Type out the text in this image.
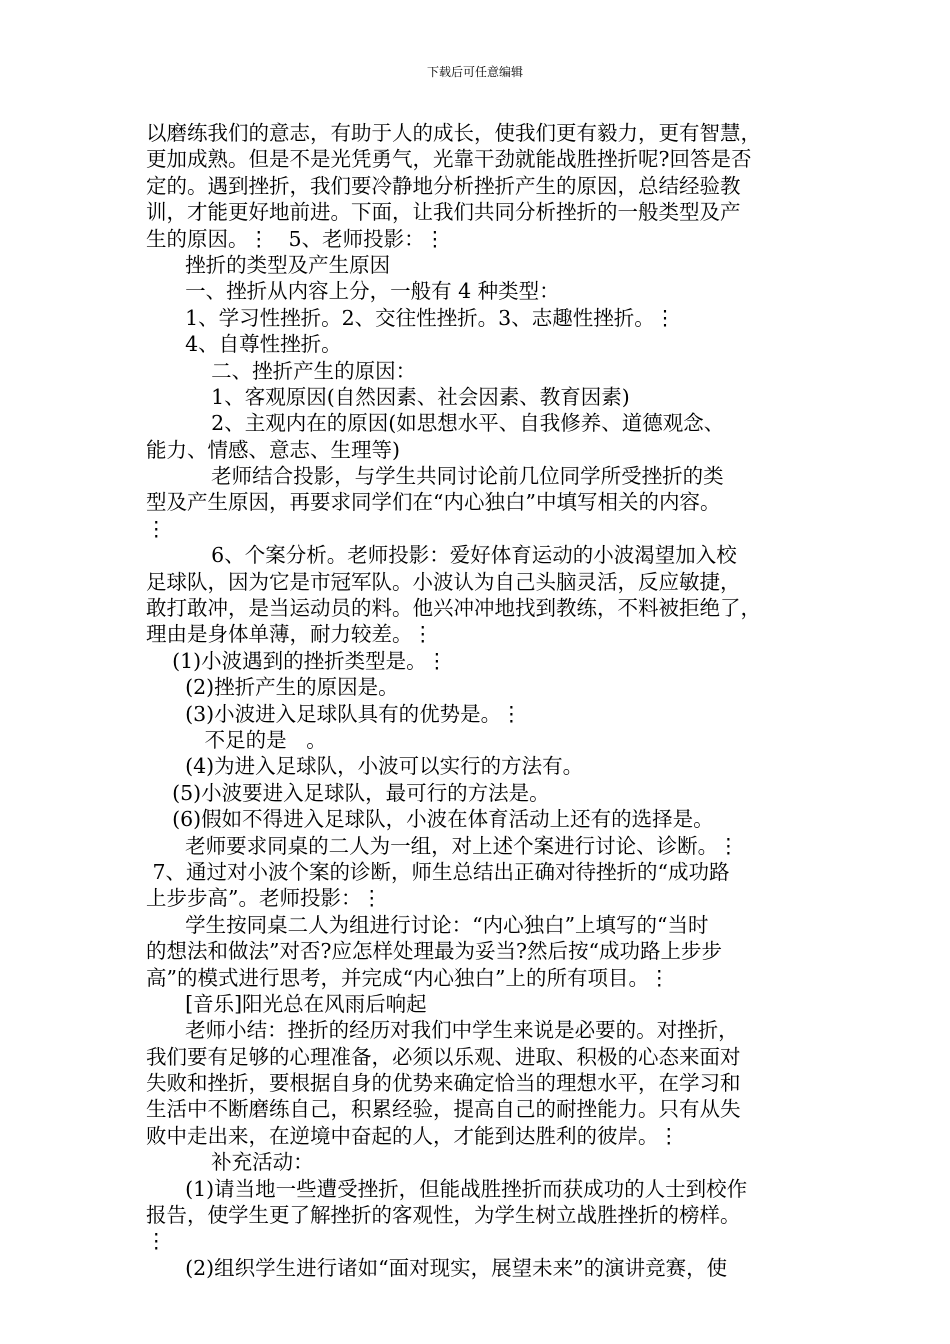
下载后可任意编辑
以磨练我们的意志，有助于人的成长，使我们更有毅力，更有智慧，
更加成熟。但是不是光凭勇气，光靠干劲就能战胜挫折呢?回答是否
定的。遇到挫折，我们要冷静地分析挫折产生的原因，总结经验教
训，才能更好地前进。下面，让我们共同分析挫折的一般类型及产
生的原因。⋮   5、老师投影：⋮
挫折的类型及产生原因
一、挫折从内容上分，一般有 4 种类型：
1、学习性挫折。2、交往性挫折。3、志趣性挫折。⋮
4、自尊性挫折。
二、挫折产生的原因：
1、客观原因(自然因素、社会因素、教育因素)
2、主观内在的原因(如思想水平、自我修养、道德观念、
能力、情感、意志、生理等)
老师结合投影，与学生共同讨论前几位同学所受挫折的类
型及产生原因，再要求同学们在“内心独白”中填写相关的内容。
⋮
6、个案分析。老师投影：爱好体育运动的小波渴望加入校
足球队，因为它是市冠军队。小波认为自己头脑灵活，反应敏捷，
敢打敢冲，是当运动员的料。他兴冲冲地找到教练，不料被拒绝了，
理由是身体单薄，耐力较差。⋮
(1)小波遇到的挫折类型是。⋮
(2)挫折产生的原因是。
(3)小波进入足球队具有的优势是。⋮
不足的是   。
(4)为进入足球队，小波可以实行的方法有。
(5)小波要进入足球队，最可行的方法是。
(6)假如不得进入足球队，小波在体育活动上还有的选择是。
老师要求同桌的二人为一组，对上述个案进行讨论、诊断。⋮
7、通过对小波个案的诊断，师生总结出正确对待挫折的“成功路
上步步高”。老师投影：⋮
学生按同桌二人为组进行讨论：“内心独白”上填写的“当时
的想法和做法”对否?应怎样处理最为妥当?然后按“成功路上步步
高”的模式进行思考，并完成“内心独白”上的所有项目。⋮
[音乐]阳光总在风雨后响起
老师小结：挫折的经历对我们中学生来说是必要的。对挫折，
我们要有足够的心理准备，必须以乐观、进取、积极的心态来面对
失败和挫折，要根据自身的优势来确定恰当的理想水平，在学习和
生活中不断磨练自己，积累经验，提高自己的耐挫能力。只有从失
败中走出来，在逆境中奋起的人，才能到达胜利的彼岸。⋮
补充活动：
(1)请当地一些遭受挫折，但能战胜挫折而获成功的人士到校作
报告，使学生更了解挫折的客观性，为学生树立战胜挫折的榜样。
⋮
(2)组织学生进行诸如“面对现实，展望未来”的演讲竞赛，使
